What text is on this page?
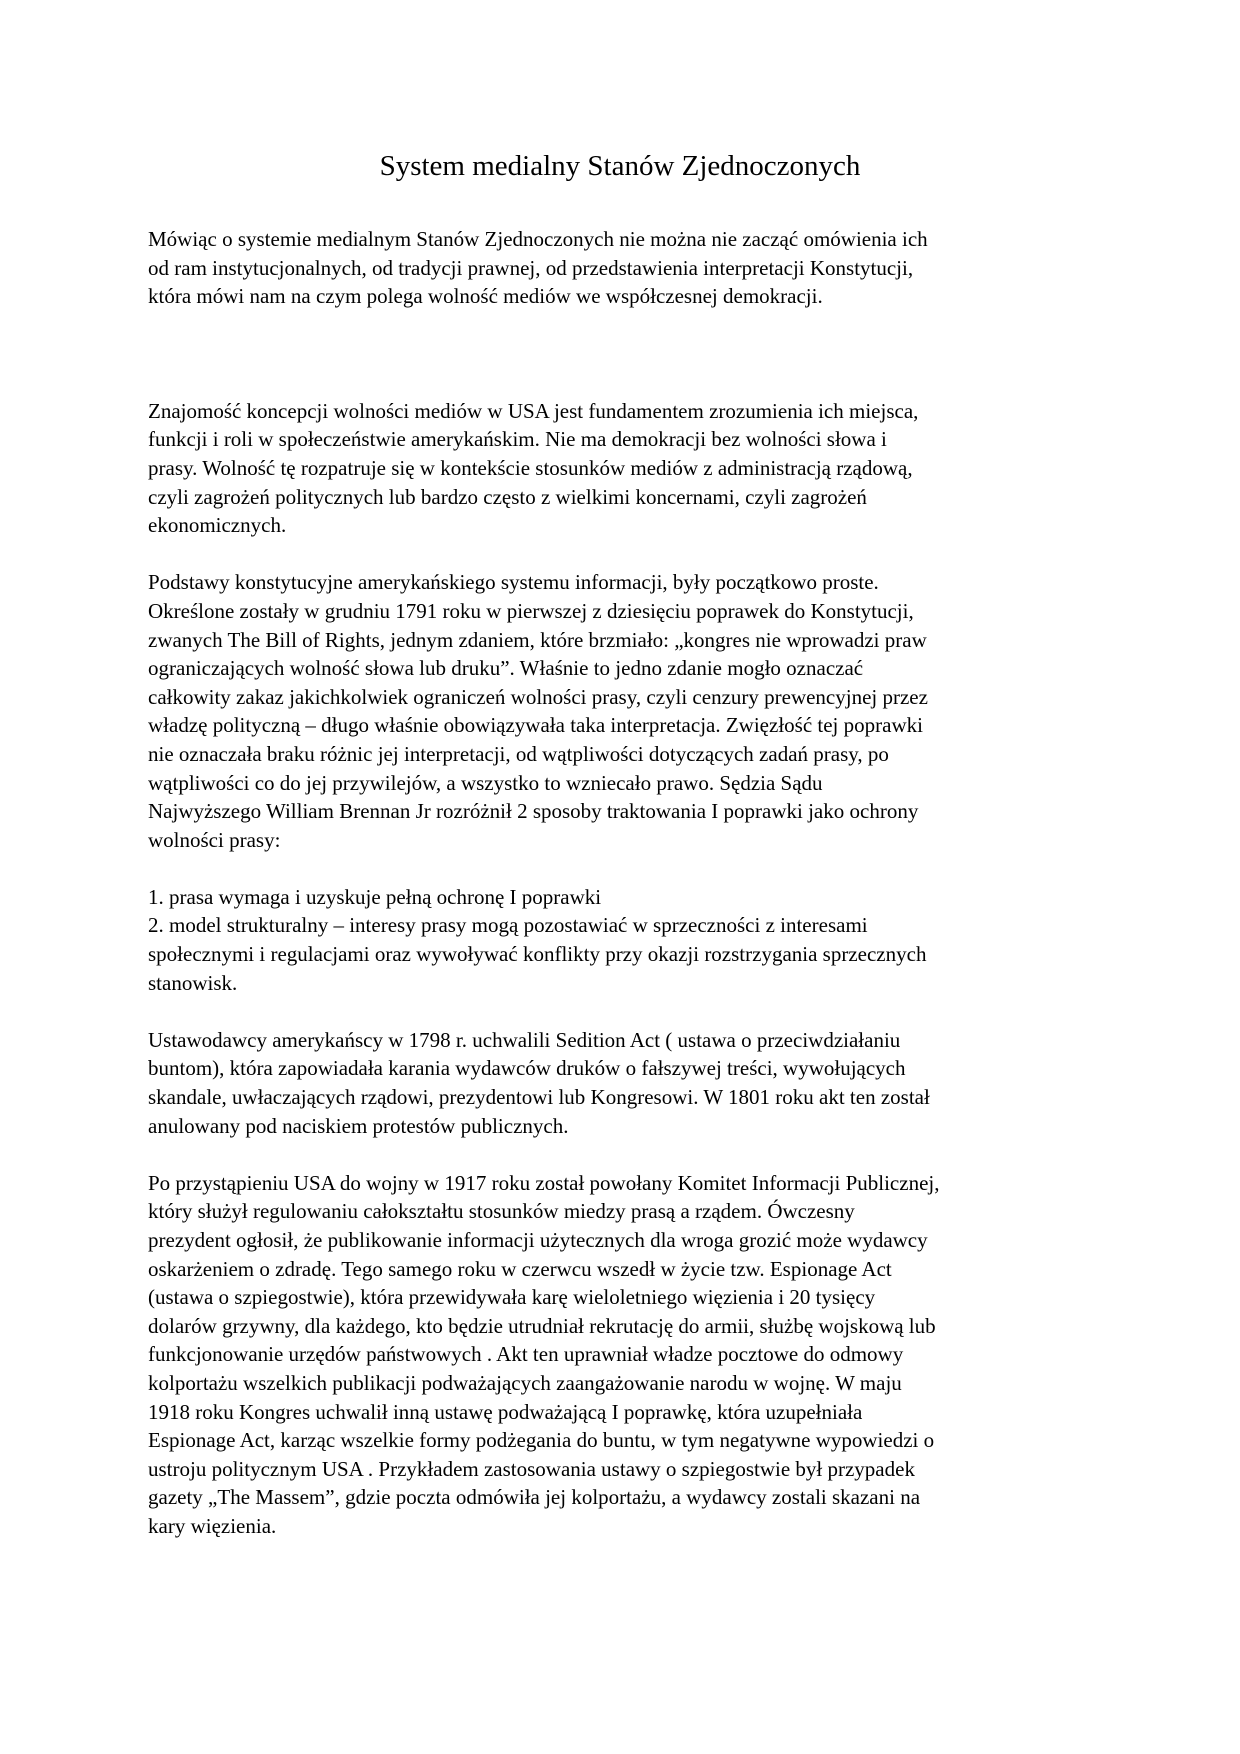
System medialny Stanów Zjednoczonych

Mówiąc o systemie medialnym Stanów Zjednoczonych nie można nie zacząć omówienia ich
od ram instytucjonalnych, od tradycji prawnej, od przedstawienia interpretacji Konstytucji,
która mówi nam na czym polega wolność mediów we współczesnej demokracji.

Znajomość koncepcji wolności mediów w USA jest fundamentem zrozumienia ich miejsca,
funkcji i roli w społeczeństwie amerykańskim. Nie ma demokracji bez wolności słowa i
prasy. Wolność tę rozpatruje się w kontekście stosunków mediów z administracją rządową,
czyli zagrożeń politycznych lub bardzo często z wielkimi koncernami, czyli zagrożeń
ekonomicznych.

Podstawy konstytucyjne amerykańskiego systemu informacji, były początkowo proste.
Określone zostały w grudniu 1791 roku w pierwszej z dziesięciu poprawek do Konstytucji,
zwanych The Bill of Rights, jednym zdaniem, które brzmiało: „kongres nie wprowadzi praw
ograniczających wolność słowa lub druku”. Właśnie to jedno zdanie mogło oznaczać
całkowity zakaz jakichkolwiek ograniczeń wolności prasy, czyli cenzury prewencyjnej przez
władzę polityczną – długo właśnie obowiązywała taka interpretacja. Zwięzłość tej poprawki
nie oznaczała braku różnic jej interpretacji, od wątpliwości dotyczących zadań prasy, po
wątpliwości co do jej przywilejów, a wszystko to wzniecało prawo. Sędzia Sądu
Najwyższego William Brennan Jr rozróżnił 2 sposoby traktowania I poprawki jako ochrony
wolności prasy:

1. prasa wymaga i uzyskuje pełną ochronę I poprawki
2. model strukturalny – interesy prasy mogą pozostawiać w sprzeczności z interesami
społecznymi i regulacjami oraz wywoływać konflikty przy okazji rozstrzygania sprzecznych
stanowisk.

Ustawodawcy amerykańscy w 1798 r. uchwalili Sedition Act ( ustawa o przeciwdziałaniu
buntom), która zapowiadała karania wydawców druków o fałszywej treści, wywołujących
skandale, uwłaczających rządowi, prezydentowi lub Kongresowi. W 1801 roku akt ten został
anulowany pod naciskiem protestów publicznych.

Po przystąpieniu USA do wojny w 1917 roku został powołany Komitet Informacji Publicznej,
który służył regulowaniu całokształtu stosunków miedzy prasą a rządem. Ówczesny
prezydent ogłosił, że publikowanie informacji użytecznych dla wroga grozić może wydawcy
oskarżeniem o zdradę. Tego samego roku w czerwcu wszedł w życie tzw. Espionage Act
(ustawa o szpiegostwie), która przewidywała karę wieloletniego więzienia i 20 tysięcy
dolarów grzywny, dla każdego, kto będzie utrudniał rekrutację do armii, służbę wojskową lub
funkcjonowanie urzędów państwowych . Akt ten uprawniał władze pocztowe do odmowy
kolportażu wszelkich publikacji podważających zaangażowanie narodu w wojnę. W maju
1918 roku Kongres uchwalił inną ustawę podważającą I poprawkę, która uzupełniała
Espionage Act, karząc wszelkie formy podżegania do buntu, w tym negatywne wypowiedzi o
ustroju politycznym USA . Przykładem zastosowania ustawy o szpiegostwie był przypadek
gazety „The Massem”, gdzie poczta odmówiła jej kolportażu, a wydawcy zostali skazani na
kary więzienia.
